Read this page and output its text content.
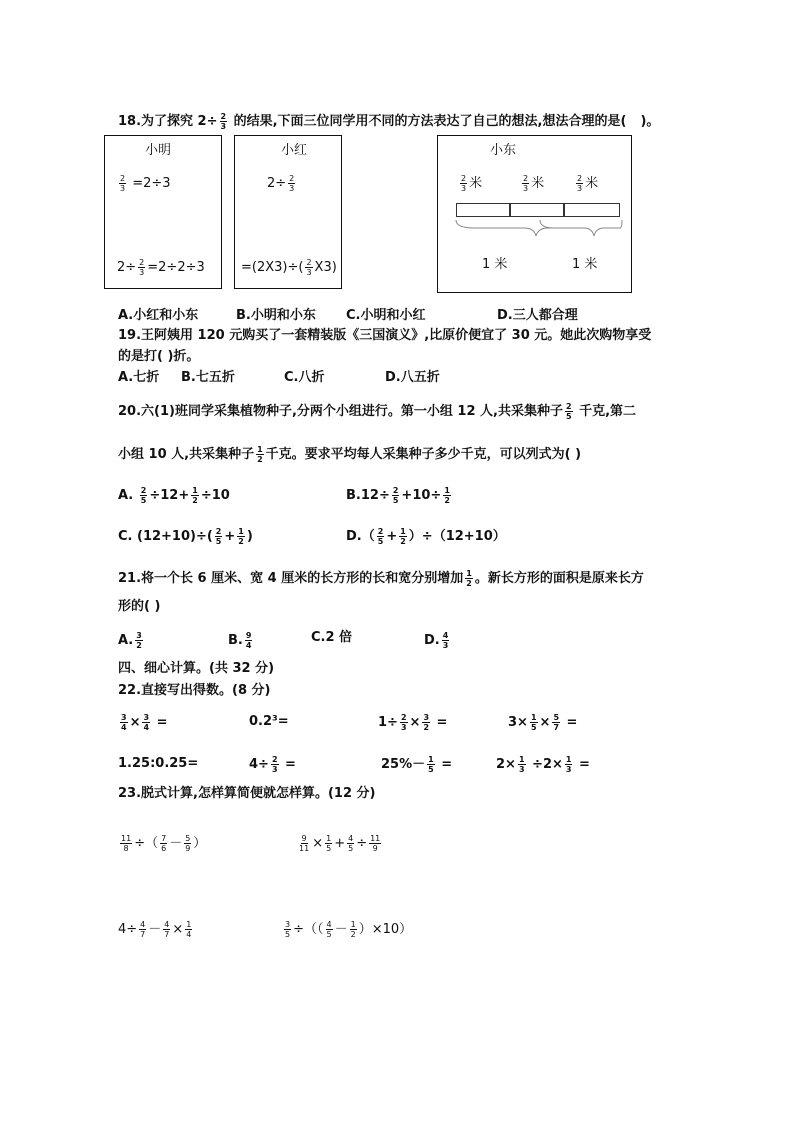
18.为了探究 $2\div \frac{2}{3}$ 的结果,下面三位同学用不同的方法表达了自己的想法,想法合理的是( )。
小明
$\frac{2}{3} =2\div 3$
$2\div \frac{2}{3} =2\div 2\div 3$
小红
$2\div \frac{2}{3}$
$=(2X3)\div( \frac{2}{3} X3)$
小东
$\frac{2}{3}$ 米	$\frac{2}{3}$ 米	$\frac{2}{3}$ 米
1 米	1 米
A.小红和小东	B.小明和小东 C.小明和小红	D.三人都合理
19.王阿姨用 120 元购买了一套精装版《三国演义》,比原价便宜了 30 元。她此次购物享受
的是打( )折。
A.七折 B.七五折	C.八折	D.八五折
20.六(1)班同学采集植物种子,分两个小组进行。第一小组 12 人,共采集种子 $\frac{2}{5}$ 千克,第二
小组 10 人,共采集种子 $\frac{1}{2}$ 千克。要求平均每人采集种子多少千克，可以列式为( )
A. $\frac{2}{5} \div 12+ \frac{1}{2} \div 10$	$B.12\div \frac{2}{5} +10\div \frac{1}{2}$
C. $(12+10)\div( \frac{2}{5} + \frac{1}{2}$ )	$D.( \frac{2}{5} + \frac{1}{2} )\div(12+10)$
21.将一个长 6 厘米、宽 4 厘米的长方形的长和宽分别增加 $\frac{1}{2}$ 。新长方形的面积是原来长方
形的( )
A. $\frac{3}{2}$	B. $\frac{9}{4}$	C.2 倍	D. $\frac{4}{3}$
四、细心计算。(共 32 分)
22.直接写出得数。(8 分)
$\frac{3}{4} \times \frac{3}{4}$ =	0.2³=	$1\div \frac{2}{3} \times \frac{3}{2}$ =	$3\times \frac{1}{5} \times \frac{5}{7}$ =
1.25:0.25=	$4\div \frac{2}{3}$ =	$25\%- \frac{1}{5}$ =	$2\times \frac{1}{3} \div 2\times \frac{1}{3}$ =
23.脱式计算,怎样算简便就怎样算。(12 分)
$\frac{11}{8}$ ÷（ $\frac{7}{6} - \frac{5}{9}$ ）	$\frac{9}{11} \times \frac{1}{5} + \frac{4}{5} \div \frac{11}{9}$
$4\div \frac{4}{7} - \frac{4}{7} \times \frac{1}{4}$	$\frac{3}{5}$ ÷（（ $\frac{4}{5} - \frac{1}{2} )\times 10$）
